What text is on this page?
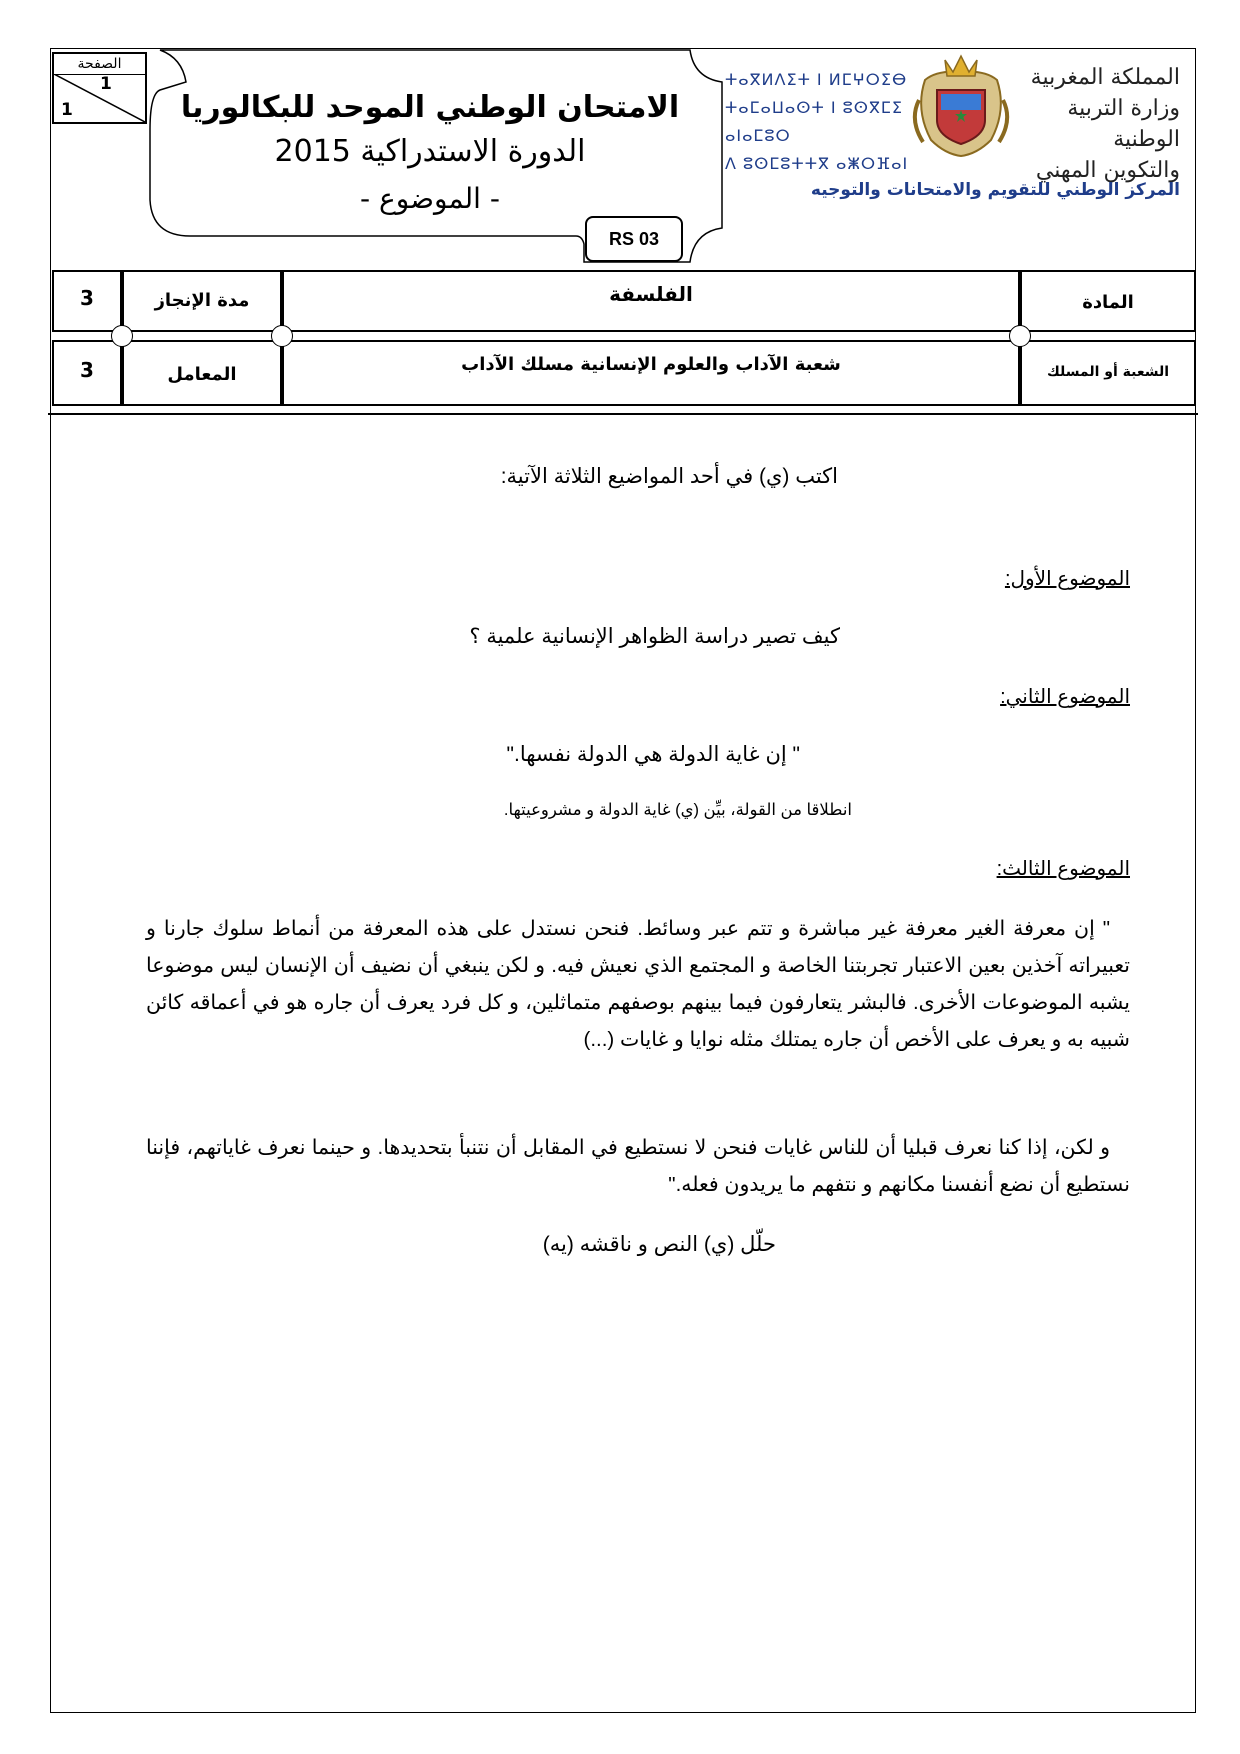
الصفحة
1
1	الامتحان الوطني الموحد للبكالوريا
الدورة الاستدراكية 2015
- الموضوع -
RS 03
ⵜⴰⴳⵍⴷⵉⵜ ⵏ ⵍⵎⵖⵔⵉⴱ
ⵜⴰⵎⴰⵡⴰⵙⵜ ⵏ ⵓⵙⴳⵎⵉ ⴰⵏⴰⵎⵓⵔ
ⴷ ⵓⵙⵎⵓⵜⵜⴳ ⴰⵥⵔⴼⴰⵏ
المملكة المغربية
وزارة التربية الوطنية
والتكوين المهني
المركز الوطني للتقويم والامتحانات والتوجيه
3	مدة الإنجاز	الفلسفة	المادة
3	المعامل	شعبة الآداب والعلوم الإنسانية مسلك الآداب	الشعبة أو المسلك
اكتب (ي) في أحد المواضيع الثلاثة الآتية:
الموضوع الأول:
كيف تصير دراسة الظواهر الإنسانية علمية ؟
الموضوع الثاني:
" إن غاية الدولة هي الدولة نفسها."
انطلاقا من القولة، بيِّن (ي) غاية الدولة و مشروعيتها.
الموضوع الثالث:
" إن معرفة الغير معرفة غير مباشرة و تتم عبر وسائط. فنحن نستدل على هذه المعرفة من أنماط سلوك جارنا و تعبيراته آخذين بعين الاعتبار تجربتنا الخاصة و المجتمع الذي نعيش فيه. و لكن ينبغي أن نضيف أن الإنسان ليس موضوعا يشبه الموضوعات الأخرى. فالبشر يتعارفون فيما بينهم بوصفهم متماثلين، و كل فرد يعرف أن جاره هو في أعماقه كائن شبيه به و يعرف على الأخص أن جاره يمتلك مثله نوايا و غايات (...)
و لكن، إذا كنا نعرف قبليا أن للناس غايات فنحن لا نستطيع في المقابل أن نتنبأ بتحديدها. و حينما نعرف غاياتهم، فإننا نستطيع أن نضع أنفسنا مكانهم و نتفهم ما يريدون فعله."
حلّل (ي) النص و ناقشه (يه)
